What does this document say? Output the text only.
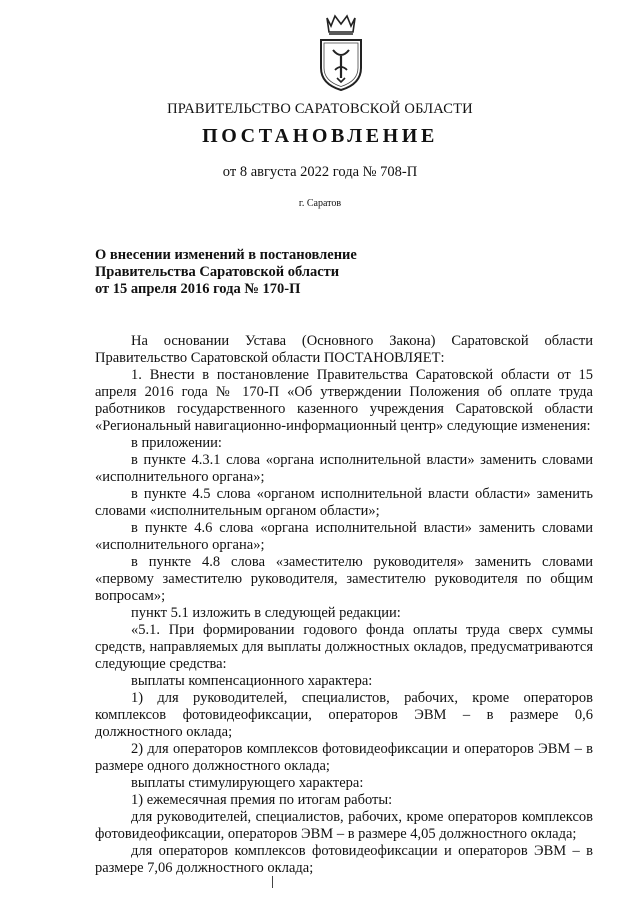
ПРАВИТЕЛЬСТВО САРАТОВСКОЙ ОБЛАСТИ
ПОСТАНОВЛЕНИЕ
от 8 августа 2022 года № 708-П
г. Саратов
О внесении изменений в постановление
Правительства Саратовской области
от 15 апреля 2016 года № 170-П

На основании Устава (Основного Закона) Саратовской области Правительство Саратовской области ПОСТАНОВЛЯЕТ:

1. Внести в постановление Правительства Саратовской области от 15 апреля 2016 года № 170-П «Об утверждении Положения об оплате труда работников государственного казенного учреждения Саратовской области «Региональный навигационно-информационный центр» следующие изменения:

в приложении:

в пункте 4.3.1 слова «органа исполнительной власти» заменить словами «исполнительного органа»;

в пункте 4.5 слова «органом исполнительной власти области» заменить словами «исполнительным органом области»;

в пункте 4.6 слова «органа исполнительной власти» заменить словами «исполнительного органа»;

в пункте 4.8 слова «заместителю руководителя» заменить словами «первому заместителю руководителя, заместителю руководителя по общим вопросам»;

пункт 5.1 изложить в следующей редакции:

«5.1. При формировании годового фонда оплаты труда сверх суммы средств, направляемых для выплаты должностных окладов, предусматриваются следующие средства:

выплаты компенсационного характера:

1) для руководителей, специалистов, рабочих, кроме операторов комплексов фотовидеофиксации, операторов ЭВМ – в размере 0,6 должностного оклада;

2) для операторов комплексов фотовидеофиксации и операторов ЭВМ – в размере одного должностного оклада;

выплаты стимулирующего характера:

1) ежемесячная премия по итогам работы:

для руководителей, специалистов, рабочих, кроме операторов комплексов фотовидеофиксации, операторов ЭВМ – в размере 4,05 должностного оклада;

для операторов комплексов фотовидеофиксации и операторов ЭВМ – в размере 7,06 должностного оклада;
